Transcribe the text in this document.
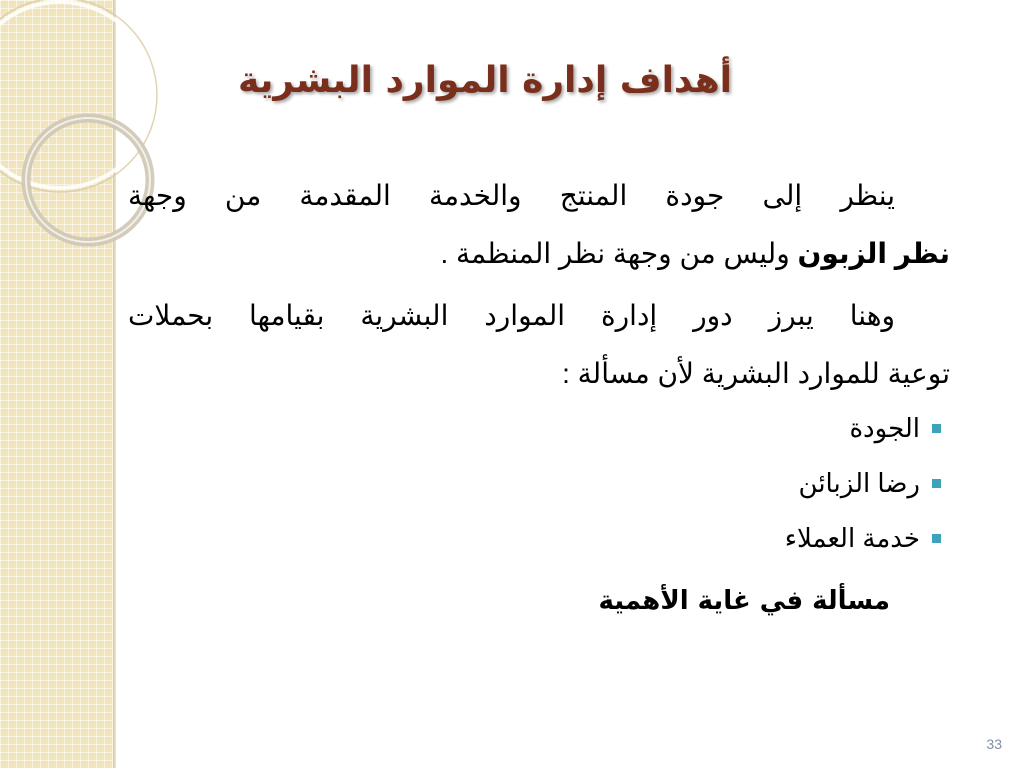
أهداف إدارة الموارد البشرية
ينظر إلى جودة المنتج والخدمة المقدمة من وجهة
نظر الزبون وليس من وجهة نظر المنظمة .
وهنا يبرز دور إدارة الموارد البشرية بقيامها بحملات
توعية للموارد البشرية لأن مسألة :
الجودة
رضا الزبائن
خدمة العملاء

مسألة في غاية الأهمية

33
